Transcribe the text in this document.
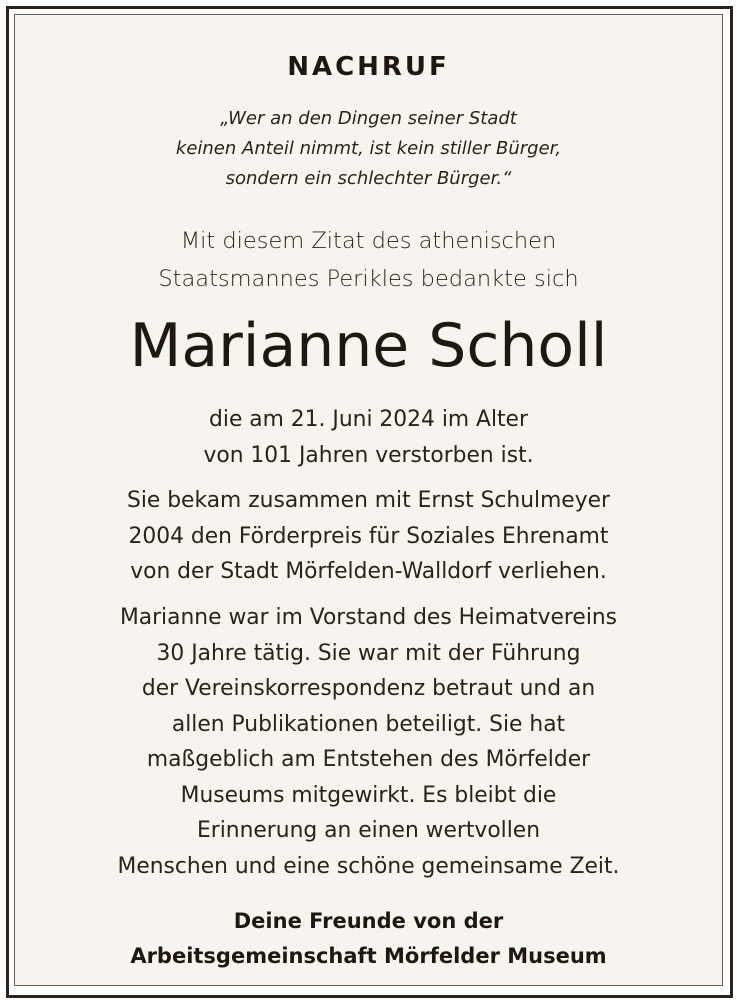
NACHRUF
„Wer an den Dingen seiner Stadt
keinen Anteil nimmt, ist kein stiller Bürger,
sondern ein schlechter Bürger.“
Mit diesem Zitat des athenischen
Staatsmannes Perikles bedankte sich
Marianne Scholl
die am 21. Juni 2024 im Alter
von 101 Jahren verstorben ist.
Sie bekam zusammen mit Ernst Schulmeyer
2004 den Förderpreis für Soziales Ehrenamt
von der Stadt Mörfelden-Walldorf verliehen.
Marianne war im Vorstand des Heimatvereins
30 Jahre tätig. Sie war mit der Führung
der Vereinskorrespondenz betraut und an
allen Publikationen beteiligt. Sie hat
maßgeblich am Entstehen des Mörfelder
Museums mitgewirkt. Es bleibt die
Erinnerung an einen wertvollen
Menschen und eine schöne gemeinsame Zeit.
Deine Freunde von der
Arbeitsgemeinschaft Mörfelder Museum
